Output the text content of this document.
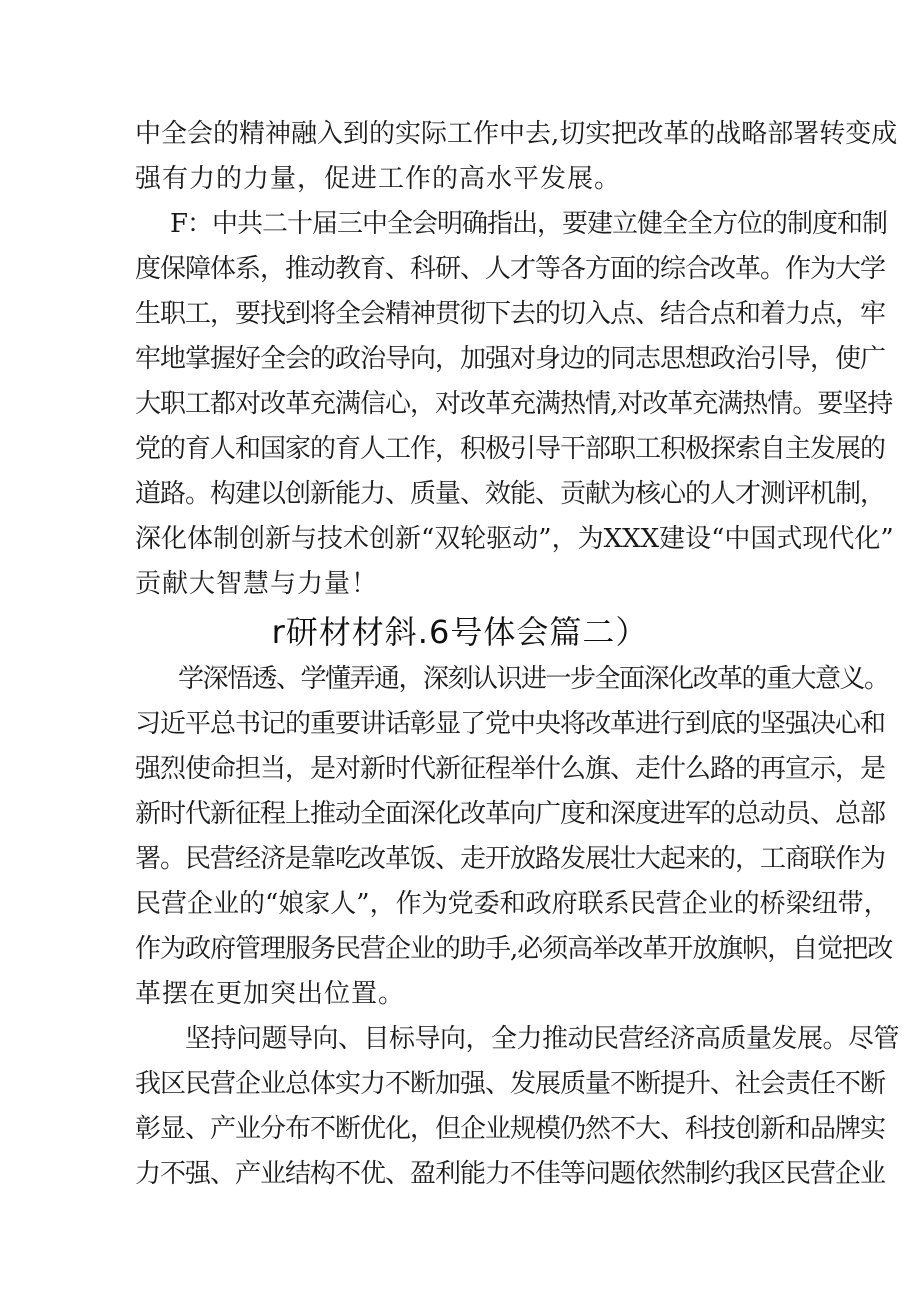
中全会的精神融入到的实际工作中去,切实把改革的战略部署转变成
强有力的力量，促进工作的高水平发展。
F：中共二十届三中全会明确指出，要建立健全全方位的制度和制
度保障体系，推动教育、科研、人才等各方面的综合改革。作为大学
生职工，要找到将全会精神贯彻下去的切入点、结合点和着力点，牢
牢地掌握好全会的政治导向，加强对身边的同志思想政治引导，使广
大职工都对改革充满信心，对改革充满热情,对改革充满热情。要坚持
党的育人和国家的育人工作，积极引导干部职工积极探索自主发展的
道路。构建以创新能力、质量、效能、贡献为核心的人才测评机制，
深化体制创新与技术创新“双轮驱动”，为XXX建设“中国式现代化”
贡献大智慧与力量！
r研材材斜.6号体会篇二）
学深悟透、学懂弄通，深刻认识进一步全面深化改革的重大意义。
习近平总书记的重要讲话彰显了党中央将改革进行到底的坚强决心和
强烈使命担当，是对新时代新征程举什么旗、走什么路的再宣示，是
新时代新征程上推动全面深化改革向广度和深度进军的总动员、总部
署。民营经济是靠吃改革饭、走开放路发展壮大起来的，工商联作为
民营企业的“娘家人”，作为党委和政府联系民营企业的桥梁纽带，
作为政府管理服务民营企业的助手,必须高举改革开放旗帜，自觉把改
革摆在更加突出位置。
坚持问题导向、目标导向，全力推动民营经济高质量发展。尽管
我区民营企业总体实力不断加强、发展质量不断提升、社会责任不断
彰显、产业分布不断优化，但企业规模仍然不大、科技创新和品牌实
力不强、产业结构不优、盈利能力不佳等问题依然制约我区民营企业
